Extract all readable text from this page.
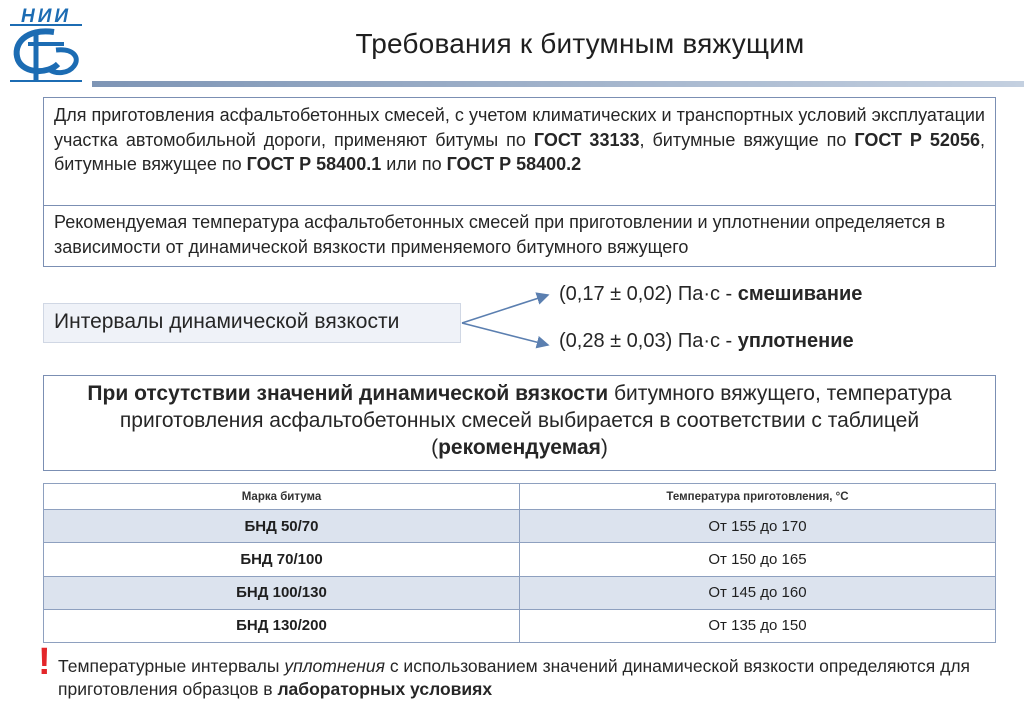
НИИ
Требования к битумным вяжущим
Для приготовления асфальтобетонных смесей, с учетом климатических и транспортных условий эксплуатации участка автомобильной дороги, применяют битумы по ГОСТ 33133, битумные вяжущие по ГОСТ Р 52056, битумные вяжущее по ГОСТ Р 58400.1 или по ГОСТ Р 58400.2
Рекомендуемая температура асфальтобетонных смесей при приготовлении и уплотнении определяется в зависимости от динамической вязкости применяемого битумного вяжущего
Интервалы динамической вязкости
(0,17 ± 0,02) Па·с - смешивание
(0,28 ± 0,03) Па·с - уплотнение
При отсутствии значений динамической вязкости битумного вяжущего, температура приготовления асфальтобетонных смесей выбирается в соответствии с таблицей (рекомендуемая)
Марка битума	Температура приготовления, °С
БНД 50/70	От 155 до 170
БНД 70/100	От 150 до 165
БНД 100/130	От 145 до 160
БНД 130/200	От 135 до 150
! Температурные интервалы уплотнения с использованием значений динамической вязкости определяются для приготовления образцов в лабораторных условиях
